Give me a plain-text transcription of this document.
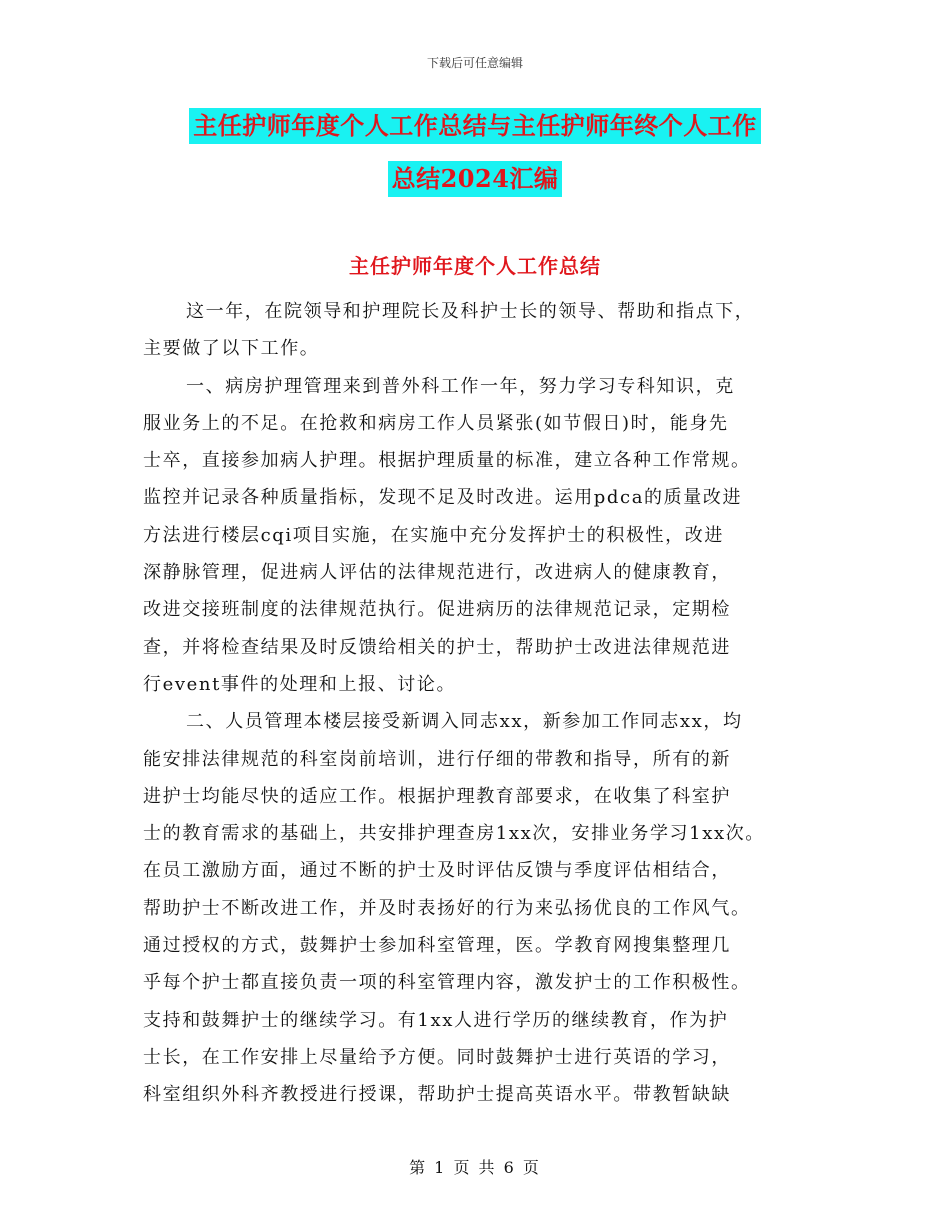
下载后可任意编辑
主任护师年度个人工作总结与主任护师年终个人工作
总结2024汇编
主任护师年度个人工作总结
这一年，在院领导和护理院长及科护士长的领导、帮助和指点下，
主要做了以下工作。
一、病房护理管理来到普外科工作一年，努力学习专科知识，克
服业务上的不足。在抢救和病房工作人员紧张(如节假日)时，能身先
士卒，直接参加病人护理。根据护理质量的标准，建立各种工作常规。
监控并记录各种质量指标，发现不足及时改进。运用pdca的质量改进
方法进行楼层cqi项目实施，在实施中充分发挥护士的积极性，改进
深静脉管理，促进病人评估的法律规范进行，改进病人的健康教育，
改进交接班制度的法律规范执行。促进病历的法律规范记录，定期检
查，并将检查结果及时反馈给相关的护士，帮助护士改进法律规范进
行event事件的处理和上报、讨论。
二、人员管理本楼层接受新调入同志xx，新参加工作同志xx，均
能安排法律规范的科室岗前培训，进行仔细的带教和指导，所有的新
进护士均能尽快的适应工作。根据护理教育部要求，在收集了科室护
士的教育需求的基础上，共安排护理查房1xx次，安排业务学习1xx次。
在员工激励方面，通过不断的护士及时评估反馈与季度评估相结合，
帮助护士不断改进工作，并及时表扬好的行为来弘扬优良的工作风气。
通过授权的方式，鼓舞护士参加科室管理，医。学教育网搜集整理几
乎每个护士都直接负责一项的科室管理内容，激发护士的工作积极性。
支持和鼓舞护士的继续学习。有1xx人进行学历的继续教育，作为护
士长，在工作安排上尽量给予方便。同时鼓舞护士进行英语的学习，
科室组织外科齐教授进行授课，帮助护士提高英语水平。带教暂缺缺
第 1 页 共 6 页
